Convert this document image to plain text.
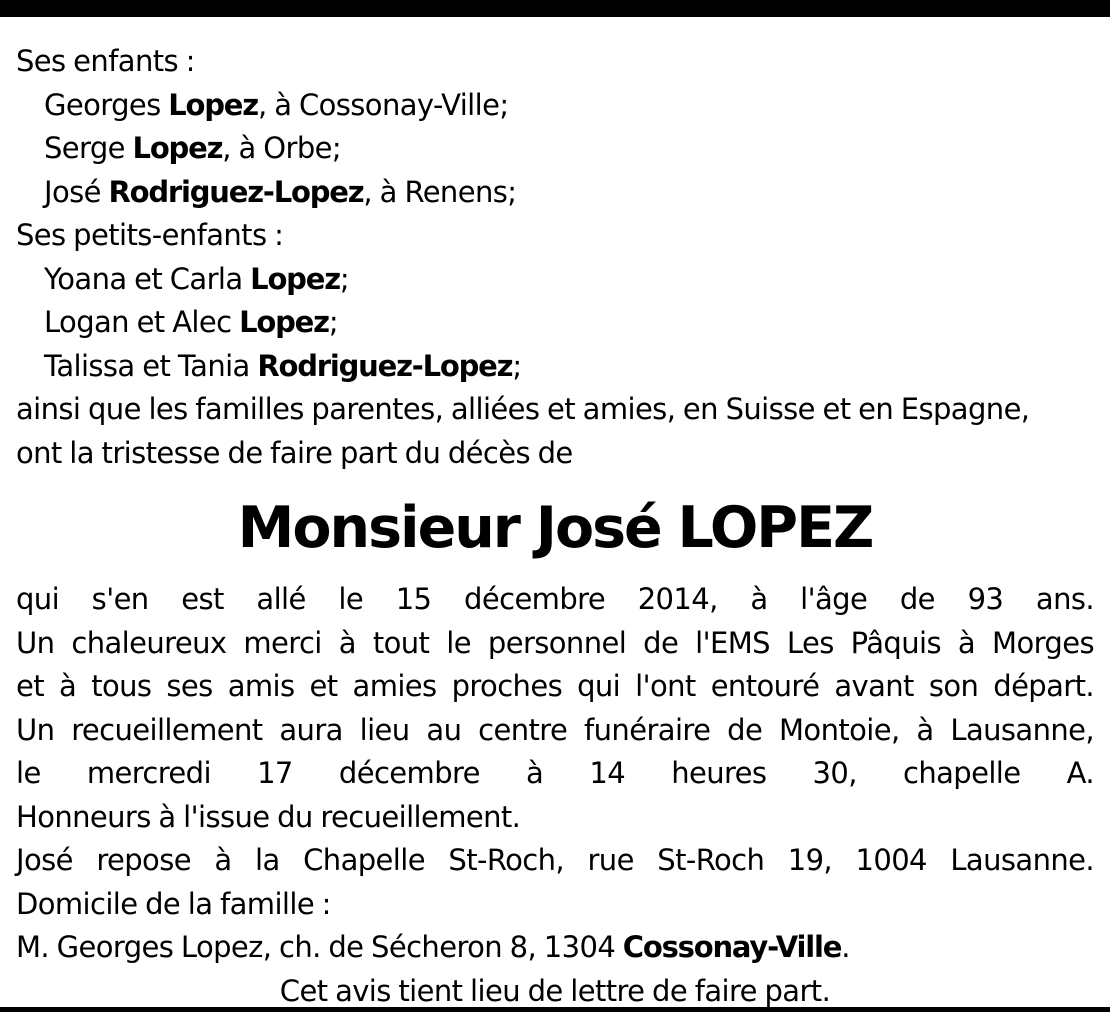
Ses enfants :
Georges Lopez, à Cossonay-Ville;
Serge Lopez, à Orbe;
José Rodriguez-Lopez, à Renens;
Ses petits-enfants :
Yoana et Carla Lopez;
Logan et Alec Lopez;
Talissa et Tania Rodriguez-Lopez;
ainsi que les familles parentes, alliées et amies, en Suisse et en Espagne,
ont la tristesse de faire part du décès de
Monsieur José LOPEZ
qui s'en est allé le 15 décembre 2014, à l'âge de 93 ans.
Un chaleureux merci à tout le personnel de l'EMS Les Pâquis à Morges
et à tous ses amis et amies proches qui l'ont entouré avant son départ.
Un recueillement aura lieu au centre funéraire de Montoie, à Lausanne,
le mercredi 17 décembre à 14 heures 30, chapelle A.
Honneurs à l'issue du recueillement.
José repose à la Chapelle St-Roch, rue St-Roch 19, 1004 Lausanne.
Domicile de la famille :
M. Georges Lopez, ch. de Sécheron 8, 1304 Cossonay-Ville.
Cet avis tient lieu de lettre de faire part.
